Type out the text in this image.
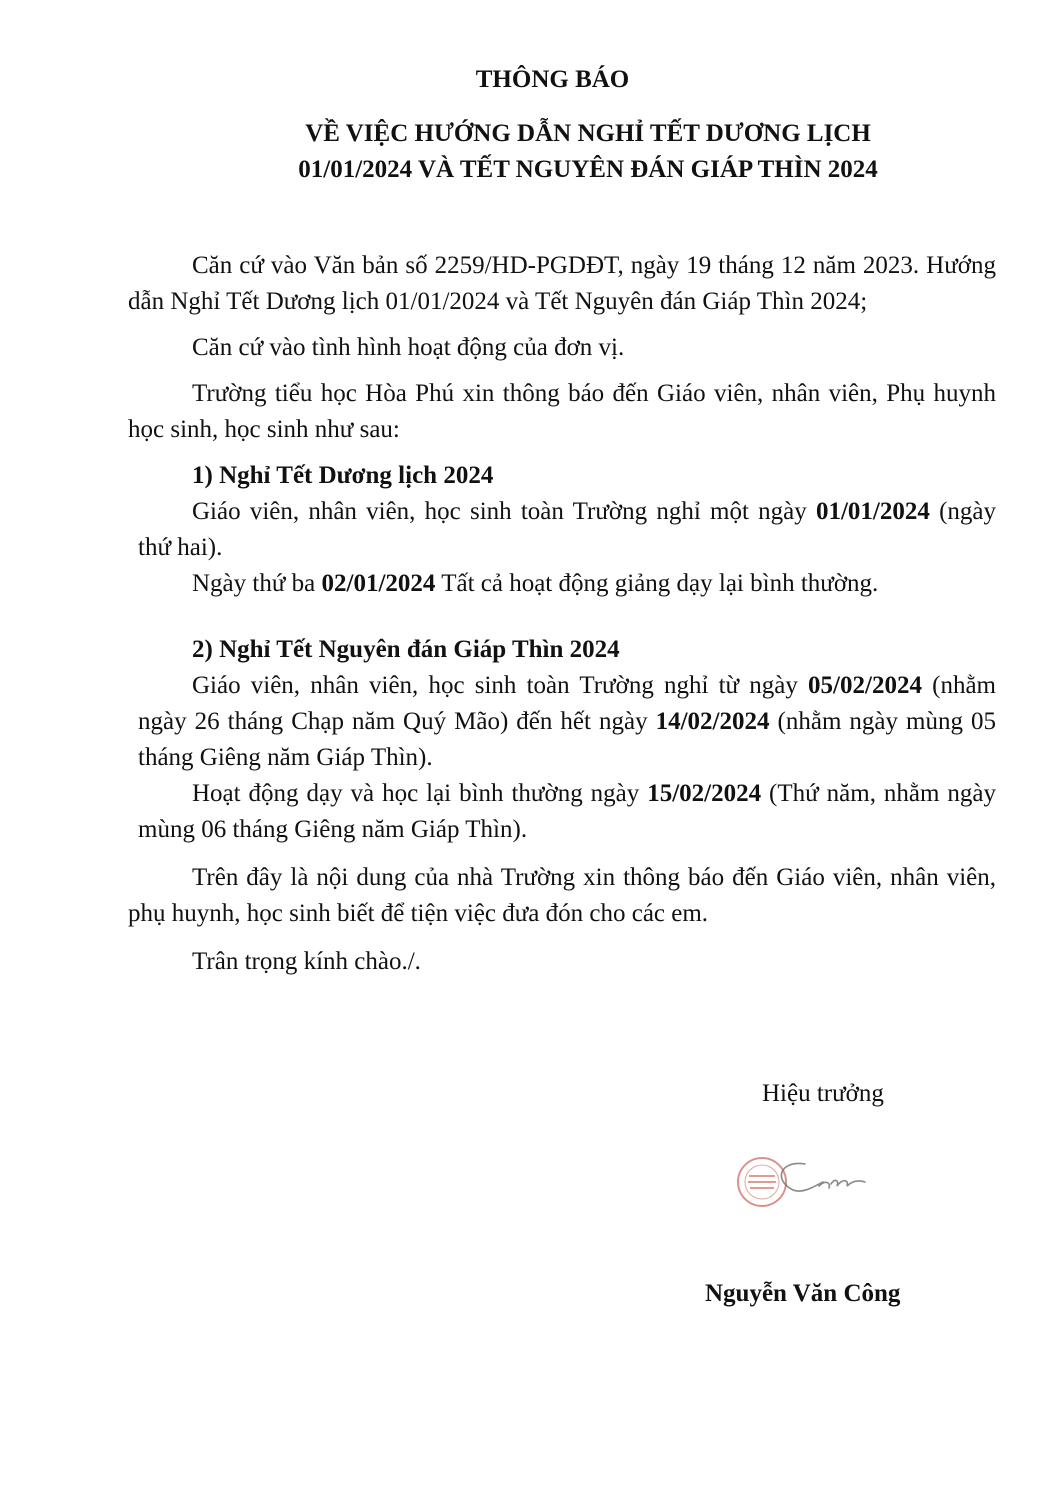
THÔNG BÁO
VỀ VIỆC HƯỚNG DẪN NGHỈ TẾT DƯƠNG LỊCH
01/01/2024 VÀ TẾT NGUYÊN ĐÁN GIÁP THÌN 2024

Căn cứ vào Văn bản số 2259/HD-PGDĐT, ngày 19 tháng 12 năm 2023. Hướng dẫn Nghỉ Tết Dương lịch 01/01/2024 và Tết Nguyên đán Giáp Thìn 2024;

Căn cứ vào tình hình hoạt động của đơn vị.

Trường tiểu học Hòa Phú xin thông báo đến Giáo viên, nhân viên, Phụ huynh học sinh, học sinh như sau:

1) Nghỉ Tết Dương lịch 2024
Giáo viên, nhân viên, học sinh toàn Trường nghỉ một ngày 01/01/2024 (ngày thứ hai).
Ngày thứ ba 02/01/2024 Tất cả hoạt động giảng dạy lại bình thường.
2) Nghỉ Tết Nguyên đán Giáp Thìn 2024
Giáo viên, nhân viên, học sinh toàn Trường nghỉ từ ngày 05/02/2024 (nhằm ngày 26 tháng Chạp năm Quý Mão) đến hết ngày 14/02/2024 (nhằm ngày mùng 05 tháng Giêng năm Giáp Thìn).
Hoạt động dạy và học lại bình thường ngày 15/02/2024 (Thứ năm, nhằm ngày mùng 06 tháng Giêng năm Giáp Thìn).

Trên đây là nội dung của nhà Trường xin thông báo đến Giáo viên, nhân viên, phụ huynh, học sinh biết để tiện việc đưa đón cho các em.

Trân trọng kính chào./.

Hiệu trưởng
Nguyễn Văn Công
